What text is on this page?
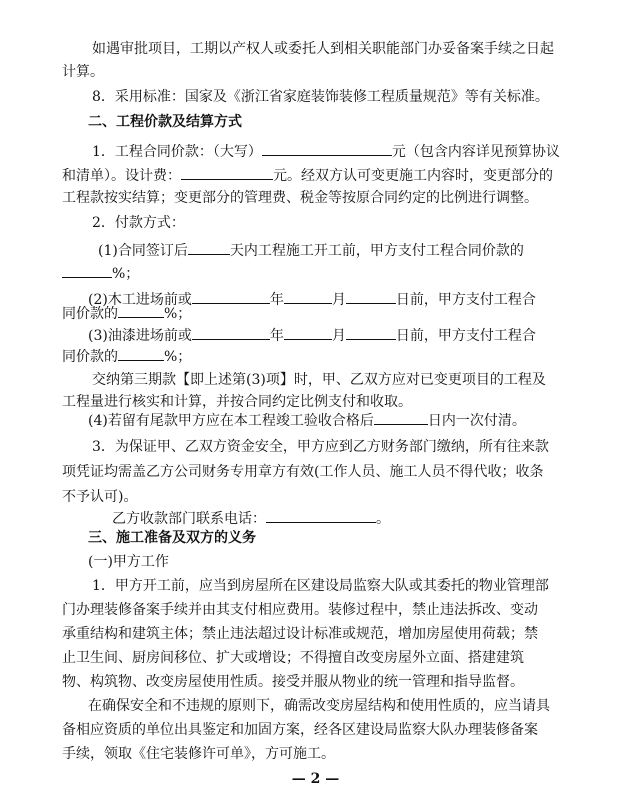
如遇审批项目，工期以产权人或委托人到相关职能部门办妥备案手续之日起
计算。
8．采用标准：国家及《浙江省家庭装饰装修工程质量规范》等有关标准。
二、工程价款及结算方式
1．工程合同价款：（大写）	元（包含内容详见预算协议
和清单）。设计费：	元。经双方认可变更施工内容时，变更部分的
工程款按实结算；变更部分的管理费、税金等按原合同约定的比例进行调整。
2．付款方式：
(1)合同签订后	天内工程施工开工前，甲方支付工程合同价款的
%；
(2)木工进场前或	年	月	日前，甲方支付工程合
同价款的	%；
(3)油漆进场前或	年	月	日前，甲方支付工程合
同价款的	%；
交纳第三期款【即上述第(3)项】时，甲、乙双方应对已变更项目的工程及
工程量进行核实和计算，并按合同约定比例支付和收取。
(4)若留有尾款甲方应在本工程竣工验收合格后	日内一次付清。
3．为保证甲、乙双方资金安全，甲方应到乙方财务部门缴纳，所有往来款
项凭证均需盖乙方公司财务专用章方有效(工作人员、施工人员不得代收；收条
不予认可)。
乙方收款部门联系电话：	。
三、施工准备及双方的义务
(一)甲方工作
1．甲方开工前，应当到房屋所在区建设局监察大队或其委托的物业管理部
门办理装修备案手续并由其支付相应费用。装修过程中，禁止违法拆改、变动
承重结构和建筑主体；禁止违法超过设计标准或规范，增加房屋使用荷载；禁
止卫生间、厨房间移位、扩大或增设；不得擅自改变房屋外立面、搭建建筑
物、构筑物、改变房屋使用性质。接受并服从物业的统一管理和指导监督。
在确保安全和不违规的原则下，确需改变房屋结构和使用性质的，应当请具
备相应资质的单位出具鉴定和加固方案，经各区建设局监察大队办理装修备案
手续，领取《住宅装修许可单》，方可施工。
— 2 —
